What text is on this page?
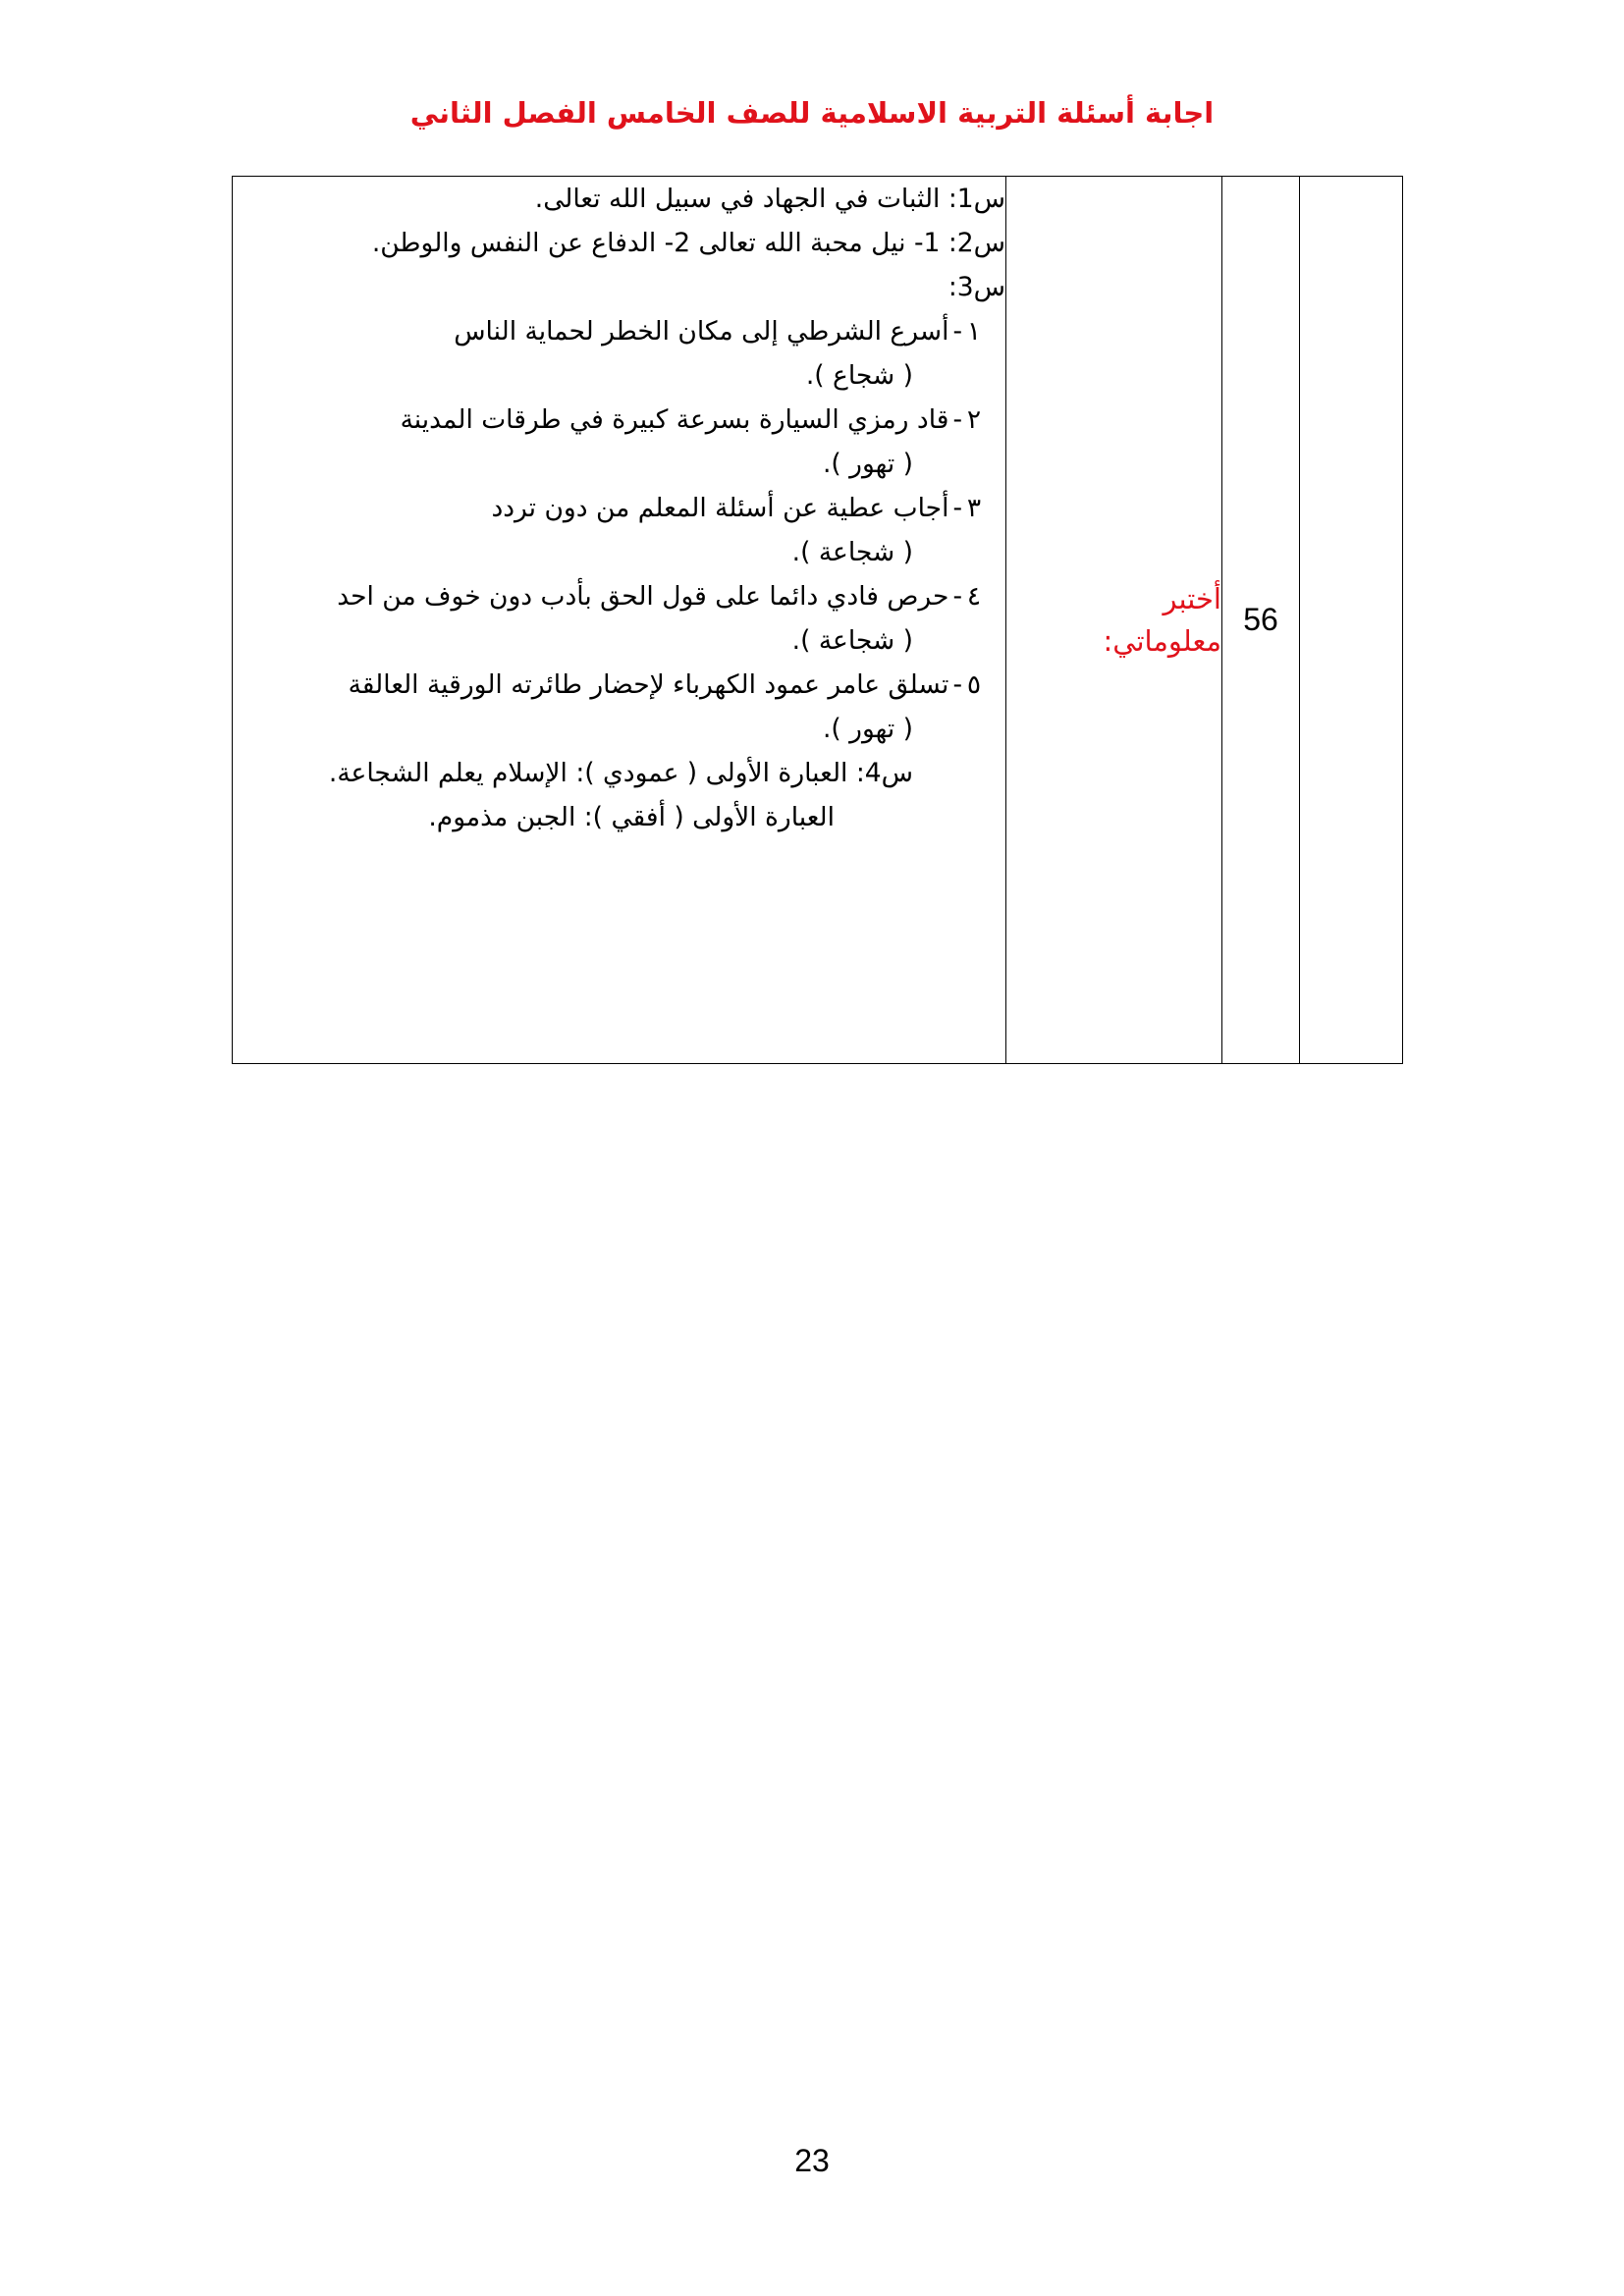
اجابة أسئلة التربية الاسلامية للصف الخامس الفصل الثاني
	56	
أختبر
معلوماتي:

س1: الثبات في الجهاد في سبيل الله تعالى.
س2: 1- نيل محبة الله تعالى 2- الدفاع عن النفس والوطن.
س3:
١
-
أسرع الشرطي إلى مكان الخطر لحماية الناس
( شجاع ).
٢
-
قاد رمزي السيارة بسرعة كبيرة في طرقات المدينة
( تهور ).
٣
-
أجاب عطية عن أسئلة المعلم من دون تردد
( شجاعة ).
٤
-
حرص فادي دائما على قول الحق بأدب دون خوف من احد
( شجاعة ).
٥
-
تسلق عامر عمود الكهرباء لإحضار طائرته الورقية العالقة
( تهور ).
س4: العبارة الأولى ( عمودي ): الإسلام يعلم الشجاعة.
العبارة الأولى ( أفقي ): الجبن مذموم.
23
